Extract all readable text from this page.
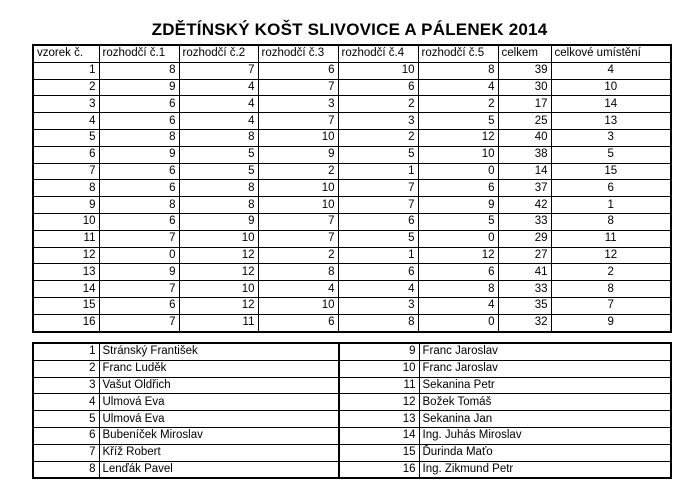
ZDĚTÍNSKÝ KOŠT SLIVOVICE A PÁLENEK 2014
vzorek č.	rozhodčí č.1	rozhodčí č.2	rozhodčí č.3	rozhodčí č.4	rozhodčí č.5	celkem	celkové umístění
1	8	7	6	10	8	39	4
2	9	4	7	6	4	30	10
3	6	4	3	2	2	17	14
4	6	4	7	3	5	25	13
5	8	8	10	2	12	40	3
6	9	5	9	5	10	38	5
7	6	5	2	1	0	14	15
8	6	8	10	7	6	37	6
9	8	8	10	7	9	42	1
10	6	9	7	6	5	33	8
11	7	10	7	5	0	29	11
12	0	12	2	1	12	27	12
13	9	12	8	6	6	41	2
14	7	10	4	4	8	33	8
15	6	12	10	3	4	35	7
16	7	11	6	8	0	32	9
1	Stránský František	9	Franc Jaroslav
2	Franc Luděk	10	Franc Jaroslav
3	Vašut Oldřich	11	Sekanina Petr
4	Ulmová Eva	12	Božek Tomáš
5	Ulmová Eva	13	Sekanina Jan
6	Bubeníček Miroslav	14	Ing. Juhás Miroslav
7	Kříž Robert	15	Ďurinda Maťo
8	Lenďák Pavel	16	Ing. Zikmund Petr
